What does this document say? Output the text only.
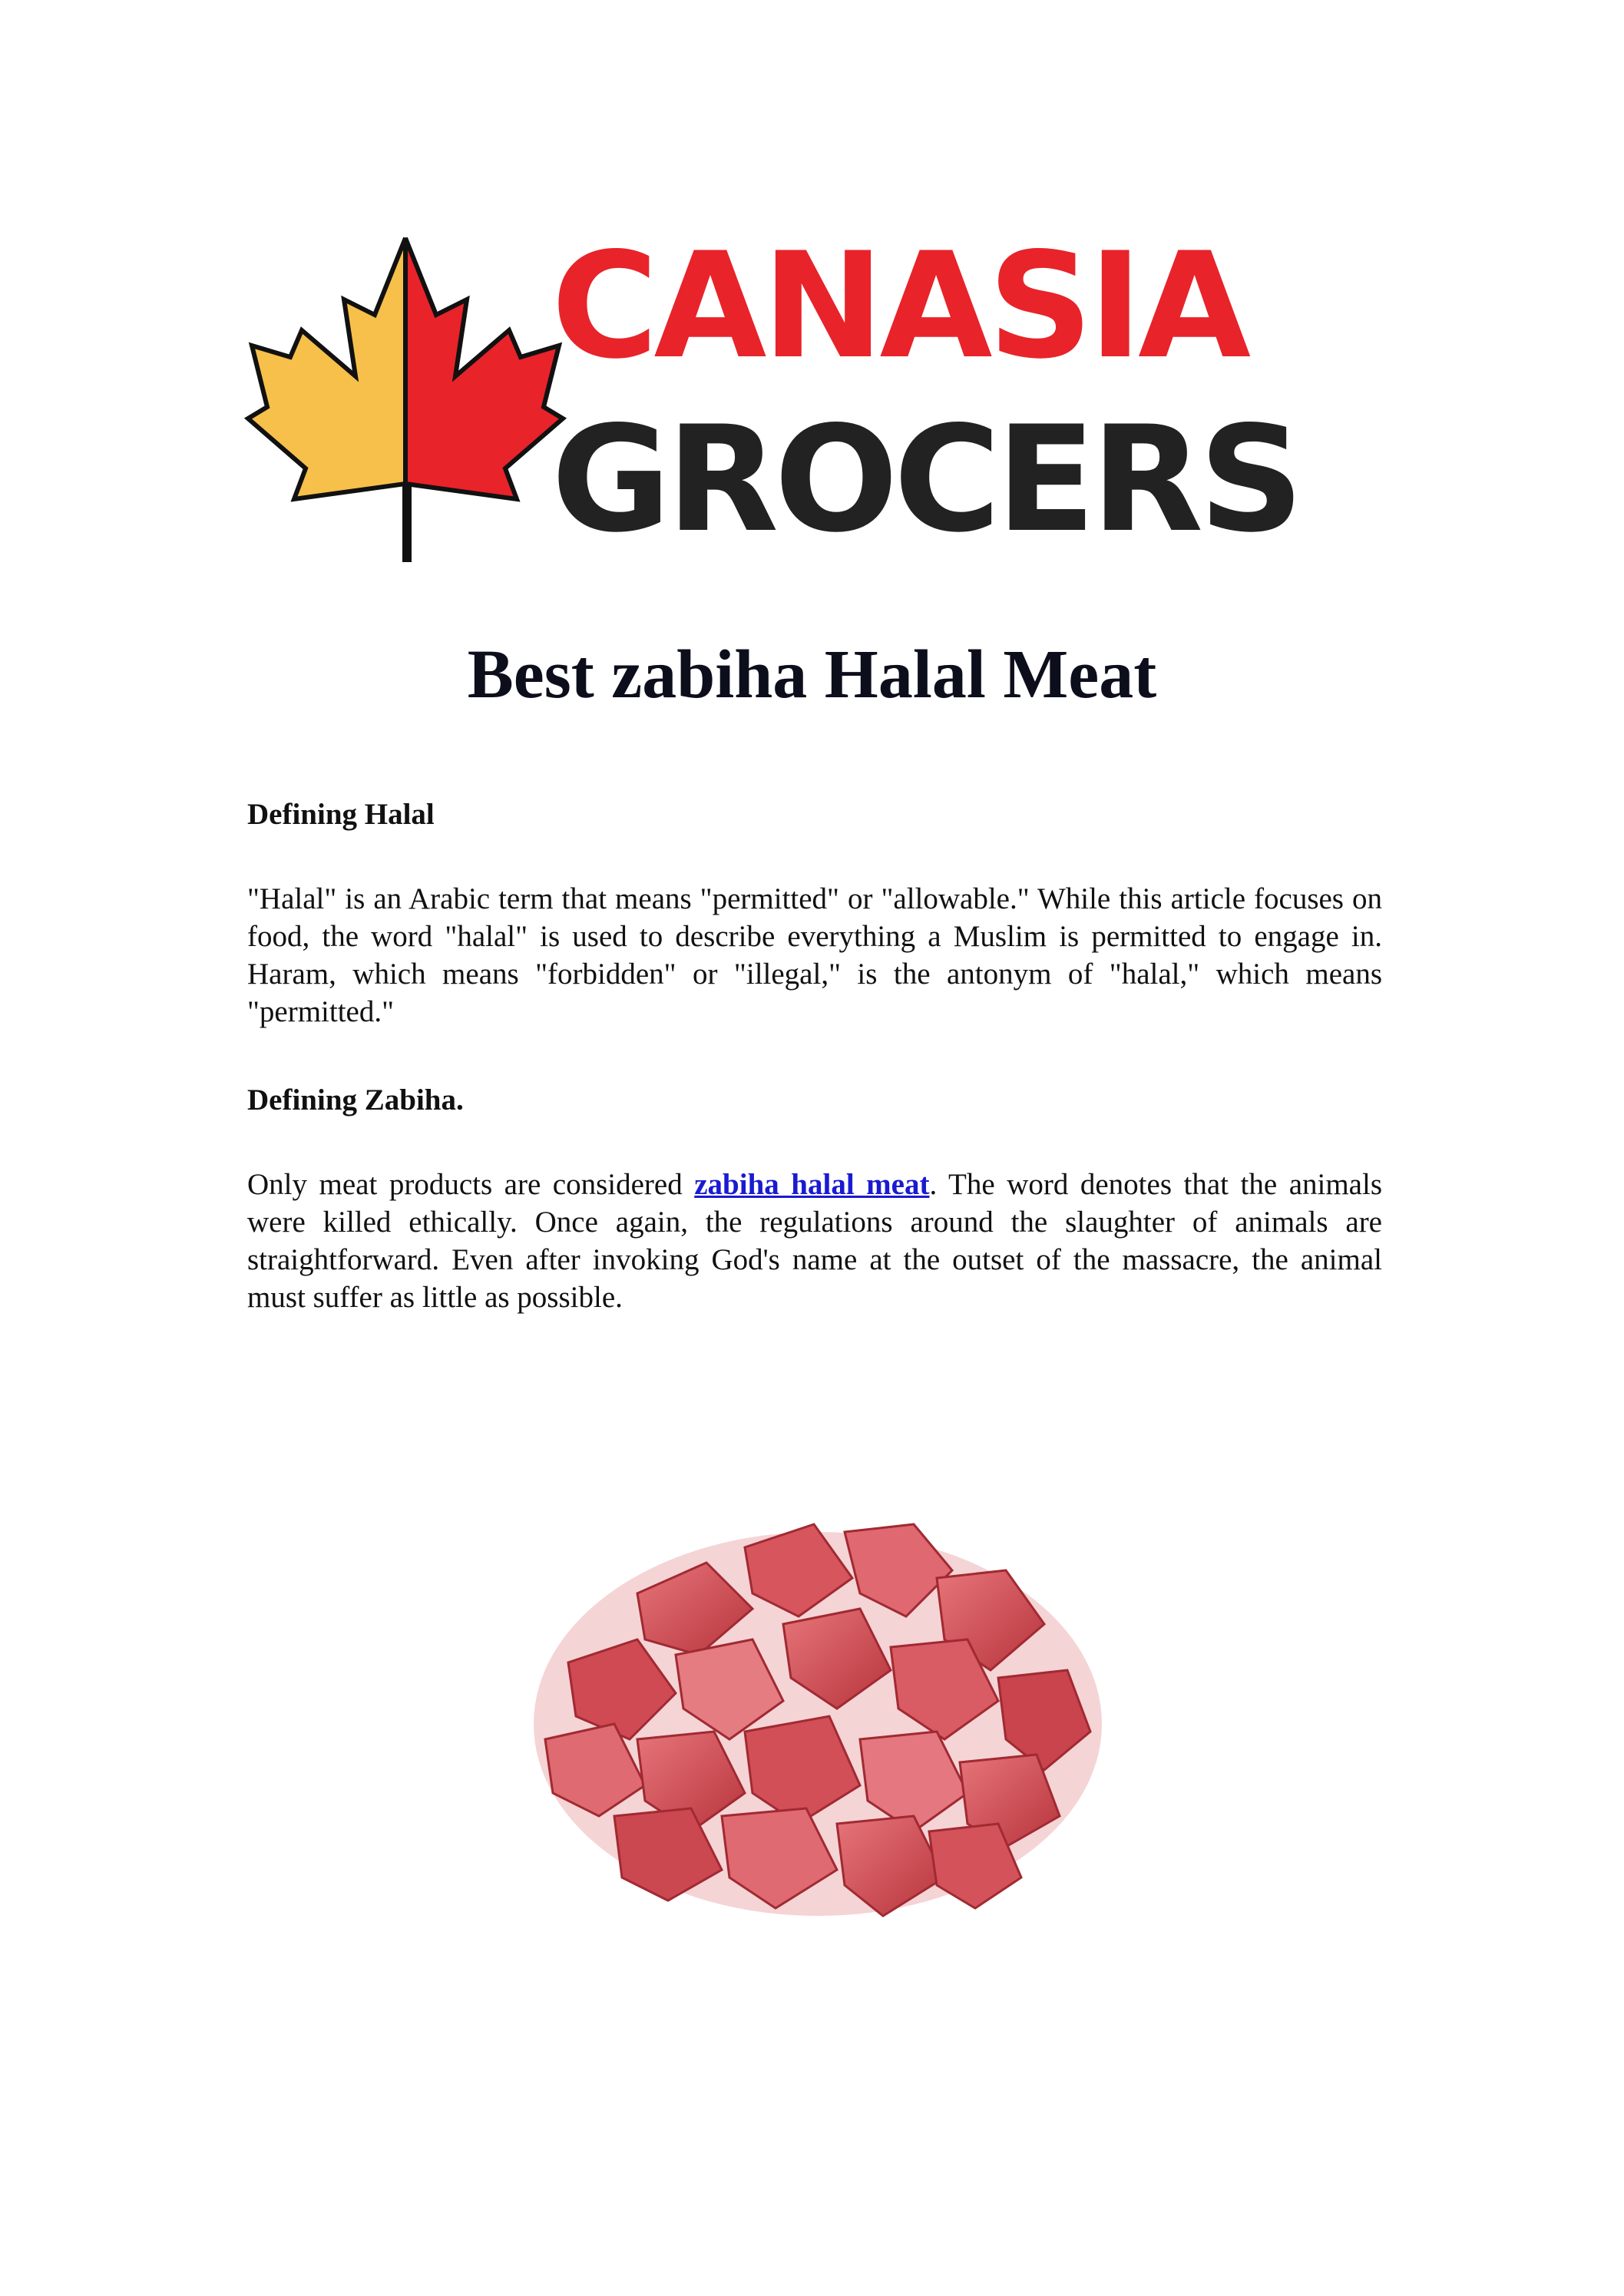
CANASIA
GROCERS
Best zabiha Halal Meat

Defining Halal

"Halal" is an Arabic term that means "permitted" or "allowable." While this article focuses on food, the word "halal" is used to describe everything a Muslim is permitted to engage in. Haram, which means "forbidden" or "illegal," is the antonym of "halal," which means "permitted."

Defining Zabiha.

Only meat products are considered zabiha halal meat. The word denotes that the animals were killed ethically. Once again, the regulations around the slaughter of animals are straightforward. Even after invoking God's name at the outset of the massacre, the animal must suffer as little as possible.
